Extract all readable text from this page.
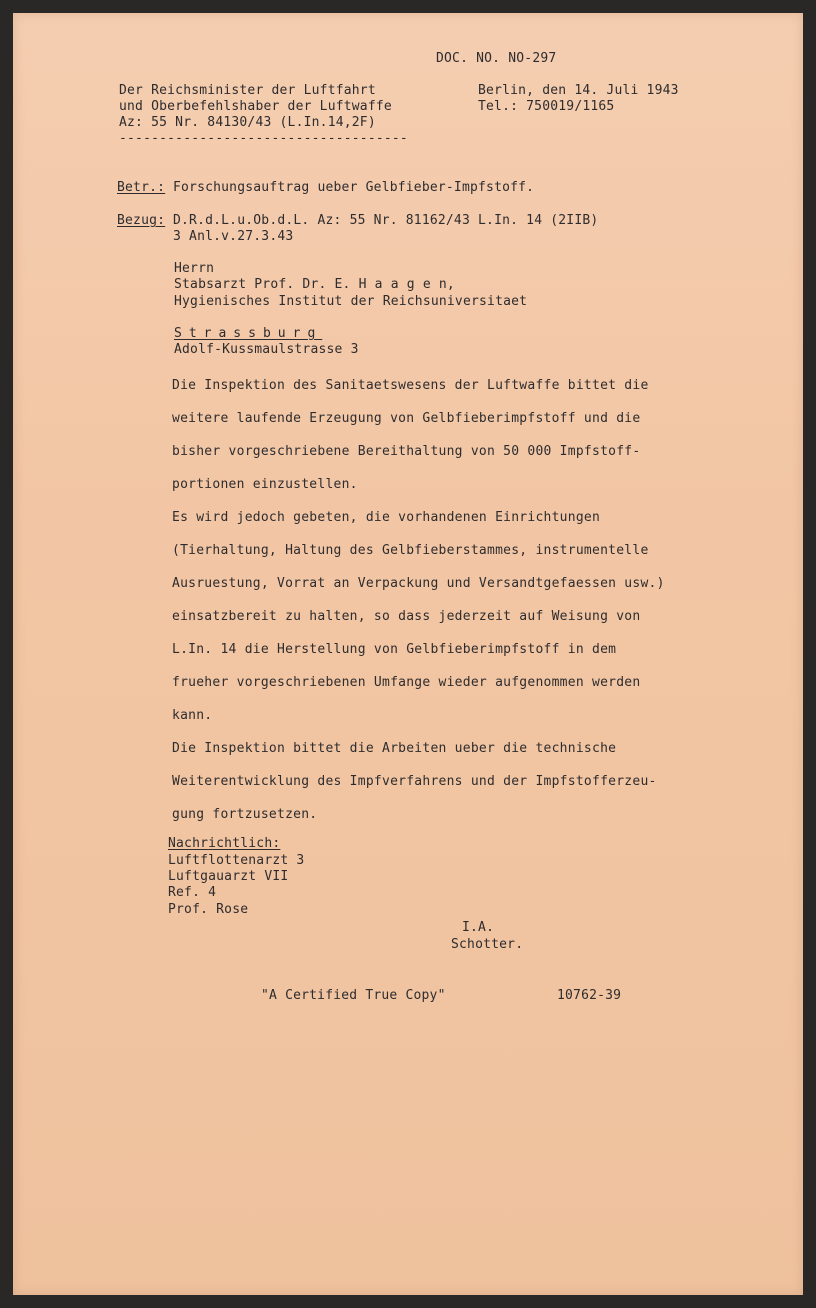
DOC. NO. NO-297
Der Reichsminister der Luftfahrt
und Oberbefehlshaber der Luftwaffe
Az: 55 Nr. 84130/43 (L.In.14,2F)
------------------------------------
Berlin, den 14. Juli 1943
Tel.: 750019/1165
Betr.: Forschungsauftrag ueber Gelbfieber-Impfstoff.
Bezug: D.R.d.L.u.Ob.d.L. Az: 55 Nr. 81162/43 L.In. 14 (2IIB)
3 Anl.v.27.3.43
Herrn
Stabsarzt Prof. Dr. E. H a a g e n,
Hygienisches Institut der Reichsuniversitaet
Strassburg
Adolf-Kussmaulstrasse 3
Die Inspektion des Sanitaetswesens der Luftwaffe bittet die
weitere laufende Erzeugung von Gelbfieberimpfstoff und die
bisher vorgeschriebene Bereithaltung von 50 000 Impfstoff-
portionen einzustellen.
Es wird jedoch gebeten, die vorhandenen Einrichtungen
(Tierhaltung, Haltung des Gelbfieberstammes, instrumentelle
Ausruestung, Vorrat an Verpackung und Versandtgefaessen usw.)
einsatzbereit zu halten, so dass jederzeit auf Weisung von
L.In. 14 die Herstellung von Gelbfieberimpfstoff in dem
frueher vorgeschriebenen Umfange wieder aufgenommen werden
kann.
Die Inspektion bittet die Arbeiten ueber die technische
Weiterentwicklung des Impfverfahrens und der Impfstofferzeu-
gung fortzusetzen.
Nachrichtlich:
Luftflottenarzt 3
Luftgauarzt VII
Ref. 4
Prof. Rose
I.A.
Schotter.
"A Certified True Copy"	10762-39
